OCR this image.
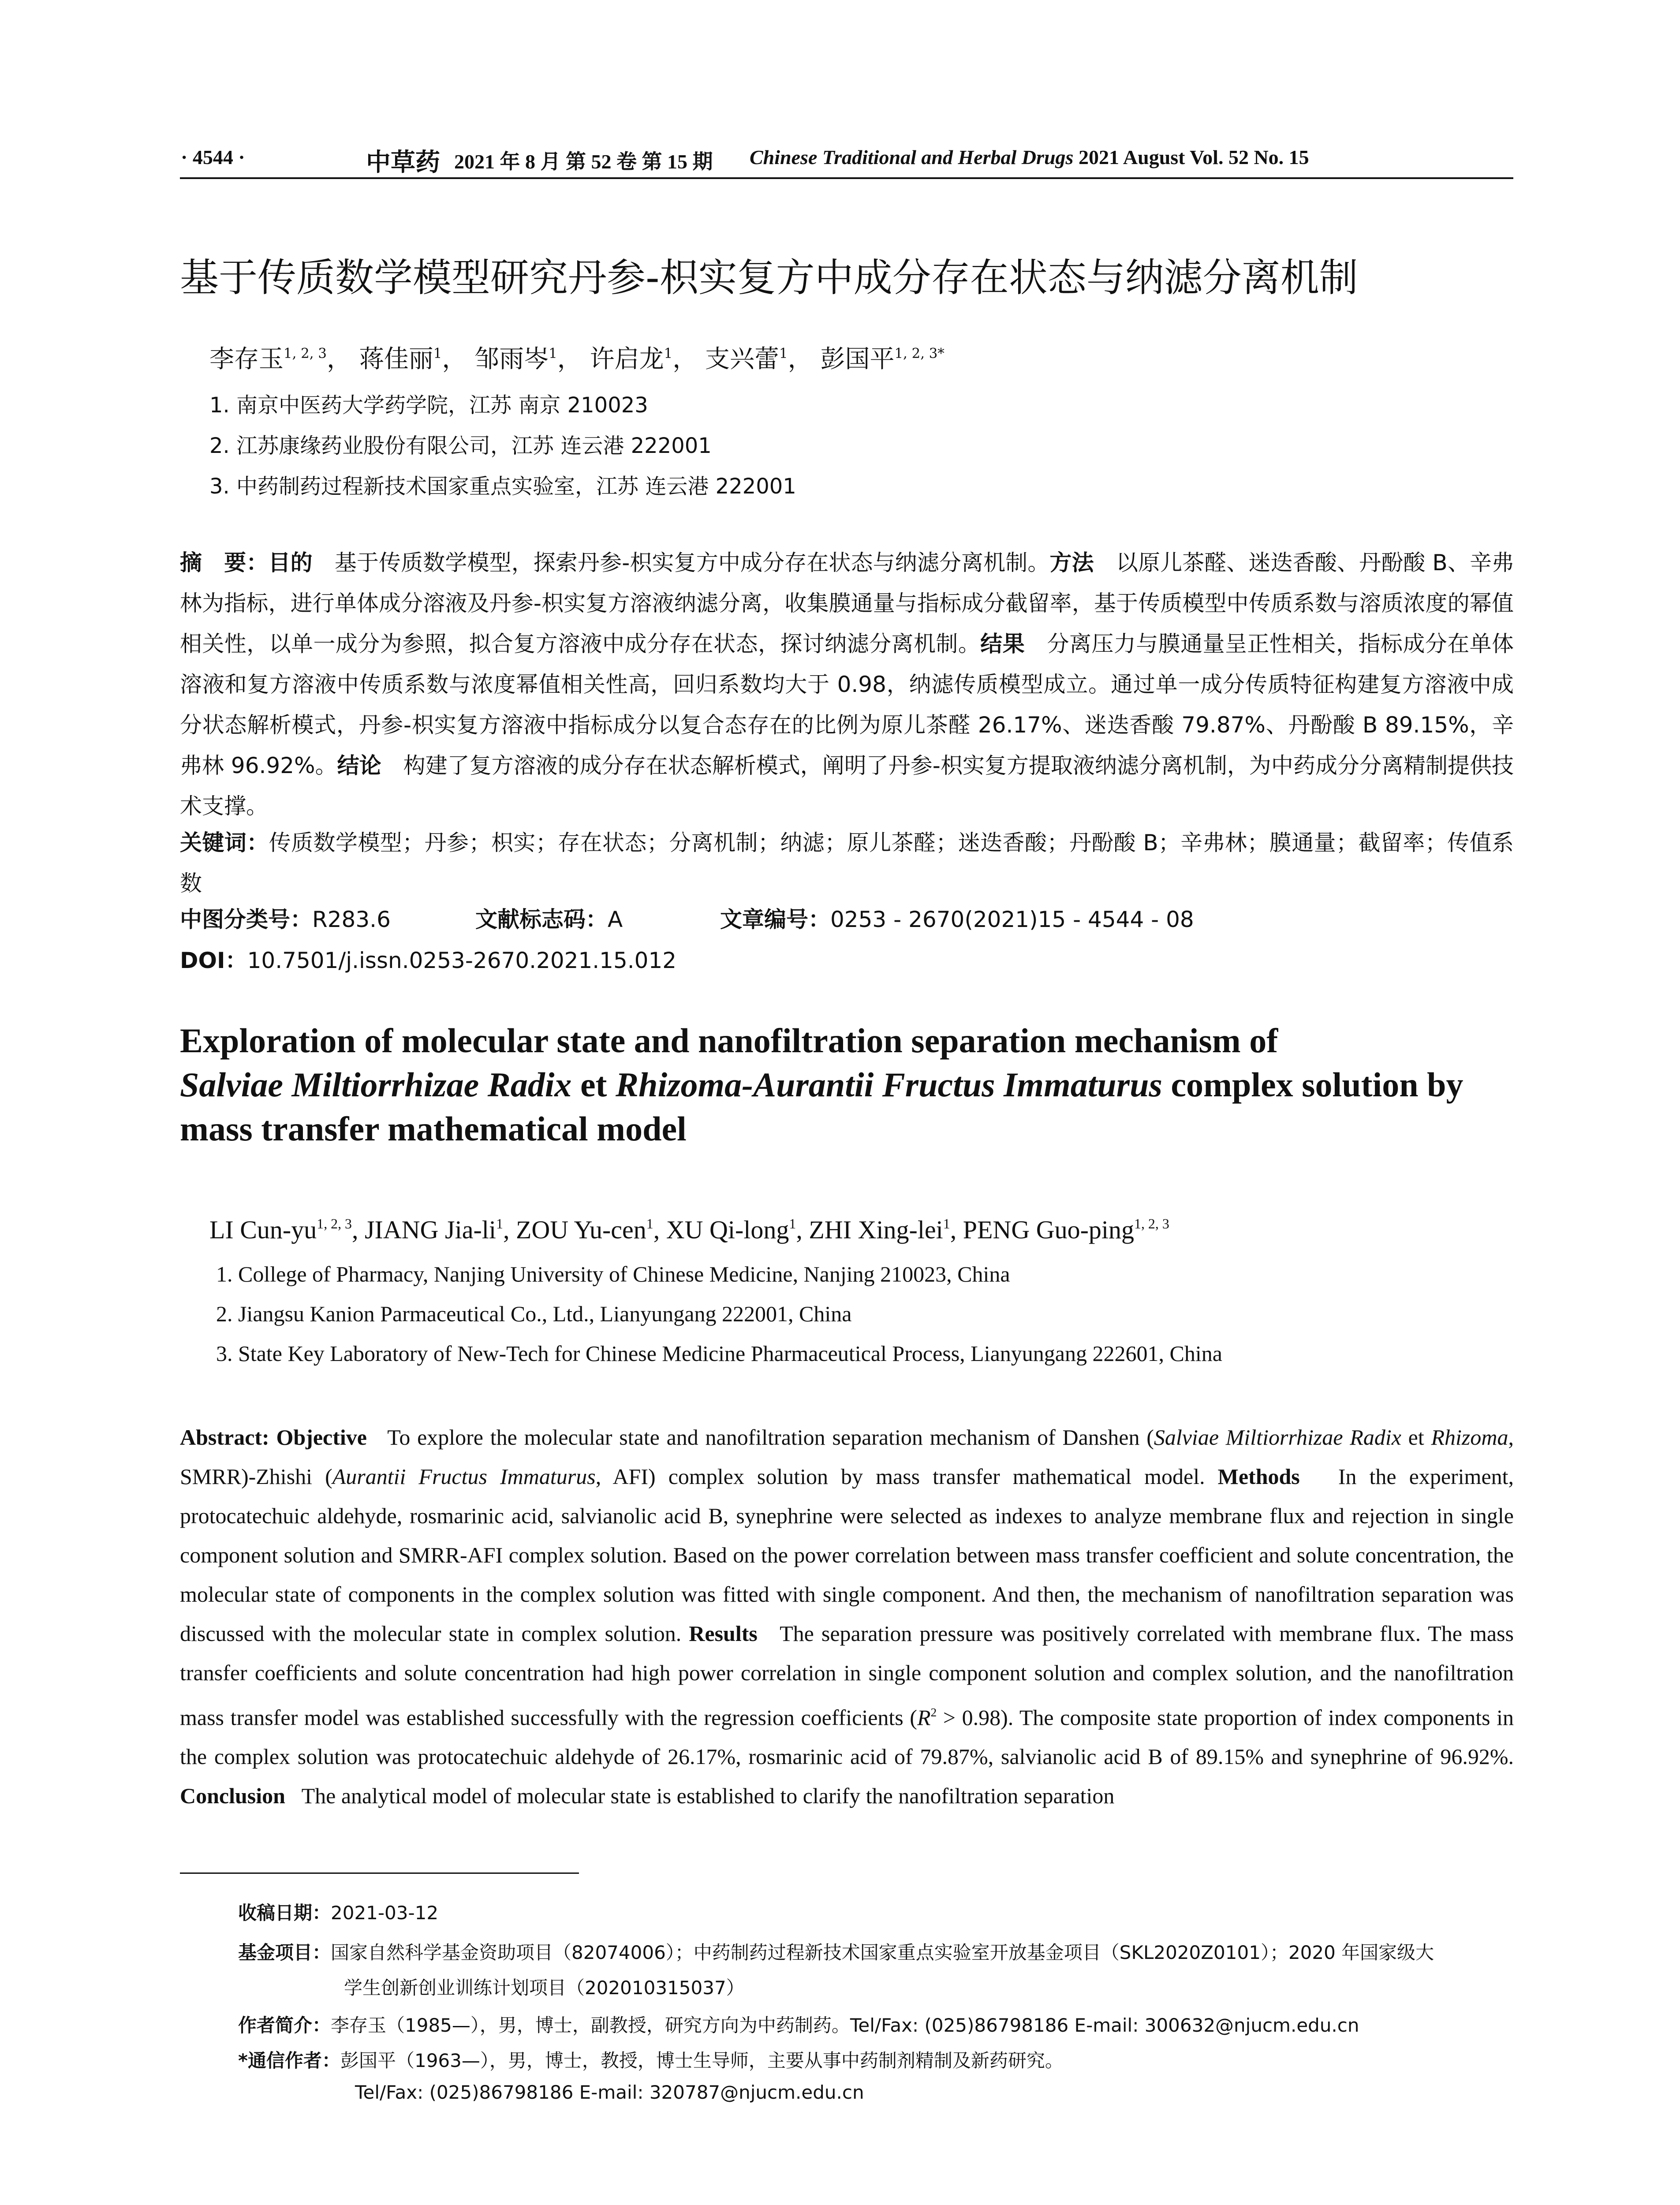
· 4544 ·	中草药 2021 年 8 月 第 52 卷 第 15 期 Chinese Traditional and Herbal Drugs 2021 August Vol. 52 No. 15
基于传质数学模型研究丹参-枳实复方中成分存在状态与纳滤分离机制
李存玉$^{1, 2, 3}$， 蒋佳丽$^1$， 邹雨岑$^1$， 许启龙$^1$， 支兴蕾$^1$， 彭国平$^{1, 2, 3*}$
1. 南京中医药大学药学院，江苏 南京 210023
2. 江苏康缘药业股份有限公司，江苏 连云港 222001
3. 中药制药过程新技术国家重点实验室，江苏 连云港 222001
摘　要：目的　 基于传质数学模型，探索丹参-枳实复方中成分存在状态与纳滤分离机制。方法　 以原儿茶醛、迷迭香酸、丹酚酸 B、辛弗林为指标，进行单体成分溶液及丹参-枳实复方溶液纳滤分离，收集膜通量与指标成分截留率，基于传质模型中传质系数与溶质浓度的幂值相关性，以单一成分为参照，拟合复方溶液中成分存在状态，探讨纳滤分离机制。结果　 分离压力与膜通量呈正性相关，指标成分在单体溶液和复方溶液中传质系数与浓度幂值相关性高，回归系数均大于 0.98，纳滤传质模型成立。通过单一成分传质特征构建复方溶液中成分状态解析模式，丹参-枳实复方溶液中指标成分以复合态存在的比例为原儿茶醛 26.17%、迷迭香酸 79.87%、丹酚酸 B 89.15%，辛弗林 96.92%。结论　 构建了复方溶液的成分存在状态解析模式，阐明了丹参-枳实复方提取液纳滤分离机制，为中药成分分离精制提供技术支撑。
关键词：传质数学模型；丹参；枳实；存在状态；分离机制；纳滤；原儿茶醛；迷迭香酸；丹酚酸 B；辛弗林；膜通量；截留率；传值系数
中图分类号：R283.6	文献标志码：A	文章编号：0253 - 2670(2021)15 - 4544 - 08
DOI：10.7501/j.issn.0253-2670.2021.15.012
Exploration of molecular state and nanofiltration separation mechanism of
Salviae Miltiorrhizae Radix et Rhizoma-Aurantii Fructus Immaturus complex solution by mass transfer mathematical model
LI Cun-yu$^{1, 2, 3}$, JIANG Jia-$li^1$, ZOU Yu-cen$^1$, XU Qi-long$^1$, ZHI Xing-lei$^1$, PENG Guo-ping$^{1, 2, 3}$
1. College of Pharmacy, Nanjing University of Chinese Medicine, Nanjing 210023, China
2. Jiangsu Kanion Parmaceutical Co., Ltd., Lianyungang 222001, China
3. State Key Laboratory of New-Tech for Chinese Medicine Pharmaceutical Process, Lianyungang 222601, China
Abstract: Objective To explore the molecular state and nanofiltration separation mechanism of Danshen (Salviae Miltiorrhizae Radix et Rhizoma, SMRR)-Zhishi (Aurantii Fructus Immaturus, AFI) complex solution by mass transfer mathematical model. Methods In the experiment, protocatechuic aldehyde, rosmarinic acid, salvianolic acid B, synephrine were selected as indexes to analyze membrane flux and rejection in single component solution and SMRR-AFI complex solution. Based on the power correlation between mass transfer coefficient and solute concentration, the molecular state of components in the complex solution was fitted with single component. And then, the mechanism of nanofiltration separation was discussed with the molecular state in complex solution. Results The separation pressure was positively correlated with membrane flux. The mass transfer coefficients and solute concentration had high power correlation in single component solution and complex solution, and the nanofiltration mass transfer model was established successfully with the regression coefficients $(R^2 > 0.98)$. The composite state proportion of index components in the complex solution was protocatechuic aldehyde of 26.17%, rosmarinic acid of 79.87%, salvianolic acid B of 89.15% and synephrine of 96.92%. Conclusion The analytical model of molecular state is established to clarify the nanofiltration separation
收稿日期：2021-03-12
基金项目：国家自然科学基金资助项目（82074006）；中药制药过程新技术国家重点实验室开放基金项目（SKL2020Z0101）；2020 年国家级大
学生创新创业训练计划项目（202010315037）
作者简介：李存玉（1985—），男，博士，副教授，研究方向为中药制药。Tel/Fax: (025)86798186 E-mail: 300632@njucm.edu.cn
*通信作者：彭国平（1963—），男，博士，教授，博士生导师，主要从事中药制剂精制及新药研究。
Tel/Fax: (025)86798186 E-mail: 320787@njucm.edu.cn
